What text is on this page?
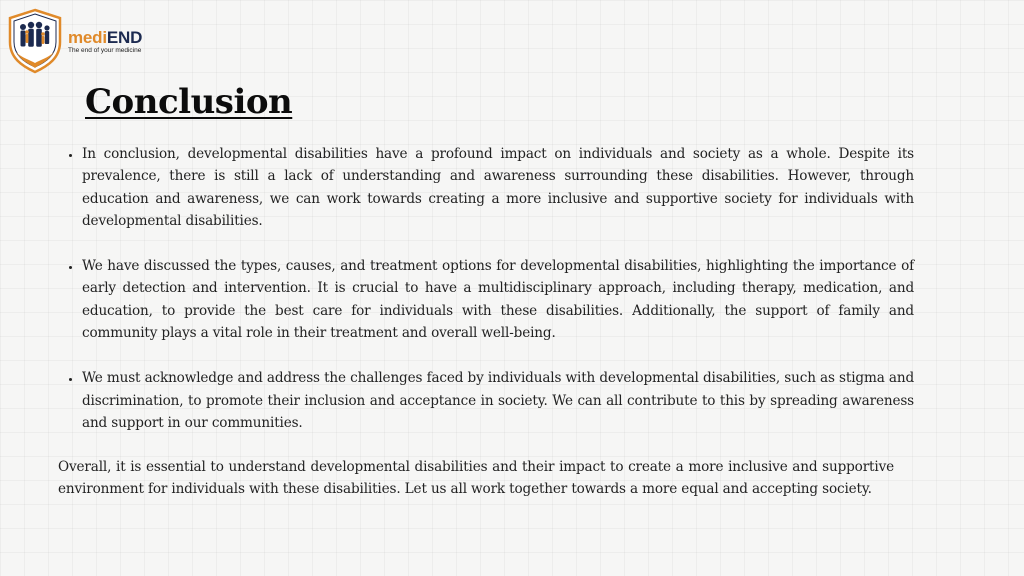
mediEND
The end of your medicine
Conclusion
• In conclusion, developmental disabilities have a profound impact on individuals and society as a whole. Despite its prevalence, there is still a lack of understanding and awareness surrounding these disabilities. However, through education and awareness, we can work towards creating a more inclusive and supportive society for individuals with developmental disabilities.
• We have discussed the types, causes, and treatment options for developmental disabilities, highlighting the importance of early detection and intervention. It is crucial to have a multidisciplinary approach, including therapy, medication, and education, to provide the best care for individuals with these disabilities. Additionally, the support of family and community plays a vital role in their treatment and overall well-being.
• We must acknowledge and address the challenges faced by individuals with developmental disabilities, such as stigma and discrimination, to promote their inclusion and acceptance in society. We can all contribute to this by spreading awareness and support in our communities.

Overall, it is essential to understand developmental disabilities and their impact to create a more inclusive and supportive environment for individuals with these disabilities. Let us all work together towards a more equal and accepting society.
